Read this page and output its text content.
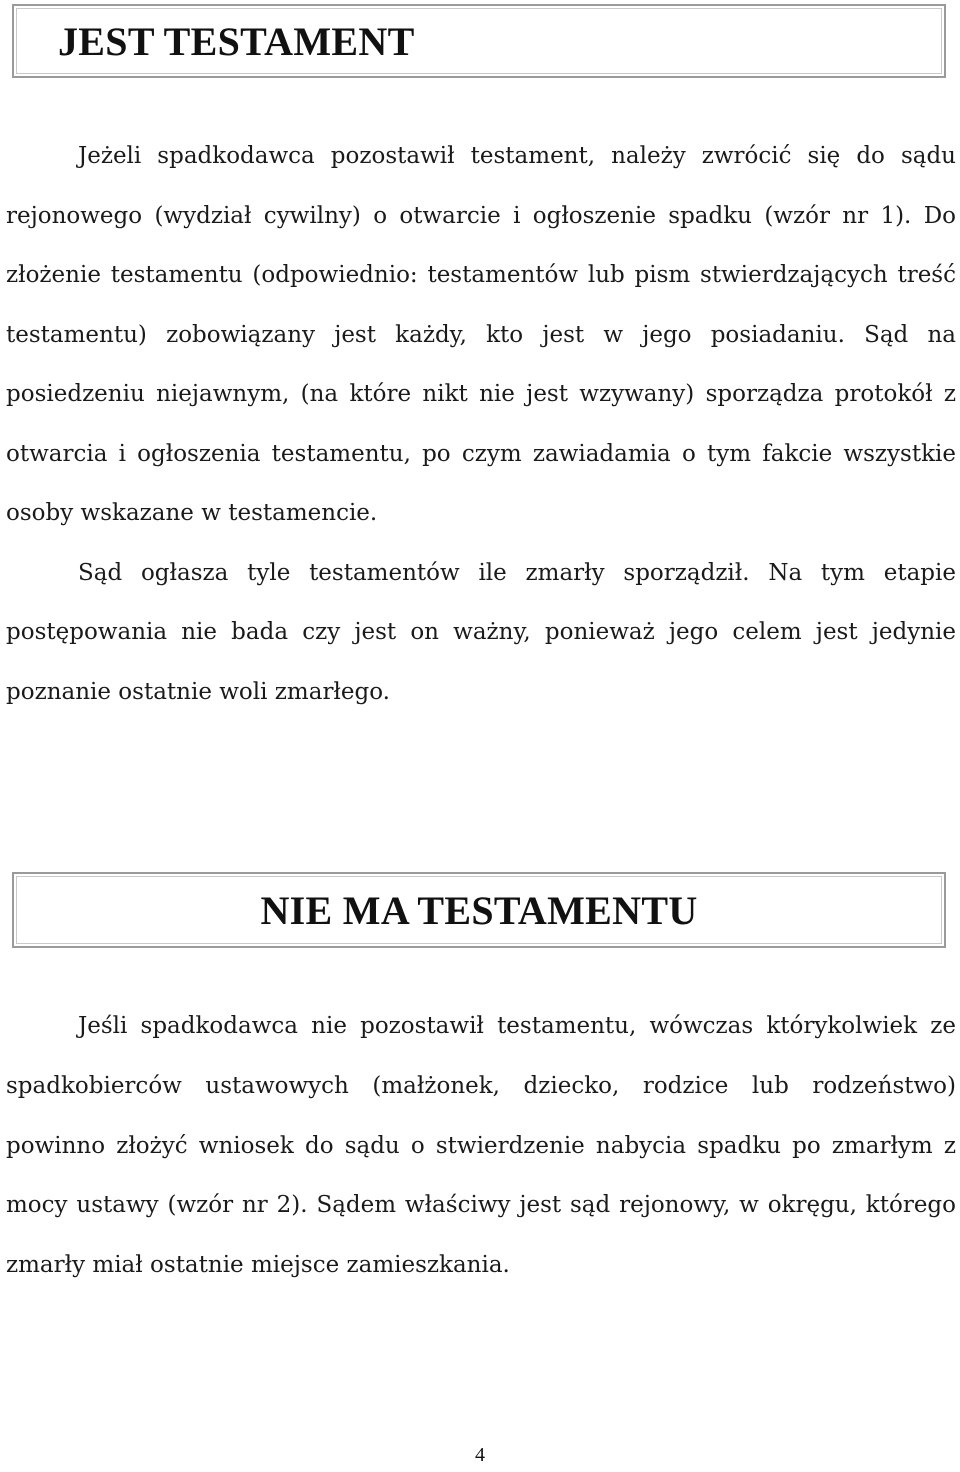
JEST TESTAMENT

Jeżeli spadkodawca pozostawił testament, należy zwrócić się do sądu rejonowego (wydział cywilny) o otwarcie i ogłoszenie spadku (wzór nr 1). Do złożenie testamentu (odpowiednio: testamentów lub pism stwierdzających treść testamentu) zobowiązany jest każdy, kto jest w jego posiadaniu. Sąd na posiedzeniu niejawnym, (na które nikt nie jest wzywany) sporządza protokół z otwarcia i ogłoszenia testamentu, po czym zawiadamia o tym fakcie wszystkie osoby wskazane w testamencie.

Sąd ogłasza tyle testamentów ile zmarły sporządził. Na tym etapie postępowania nie bada czy jest on ważny, ponieważ jego celem jest jedynie poznanie ostatnie woli zmarłego.

NIE MA TESTAMENTU

Jeśli spadkodawca nie pozostawił testamentu, wówczas którykolwiek ze spadkobierców ustawowych (małżonek, dziecko, rodzice lub rodzeństwo) powinno złożyć wniosek do sądu o stwierdzenie nabycia spadku po zmarłym z mocy ustawy (wzór nr 2). Sądem właściwy jest sąd rejonowy, w okręgu, którego zmarły miał ostatnie miejsce zamieszkania.

4
